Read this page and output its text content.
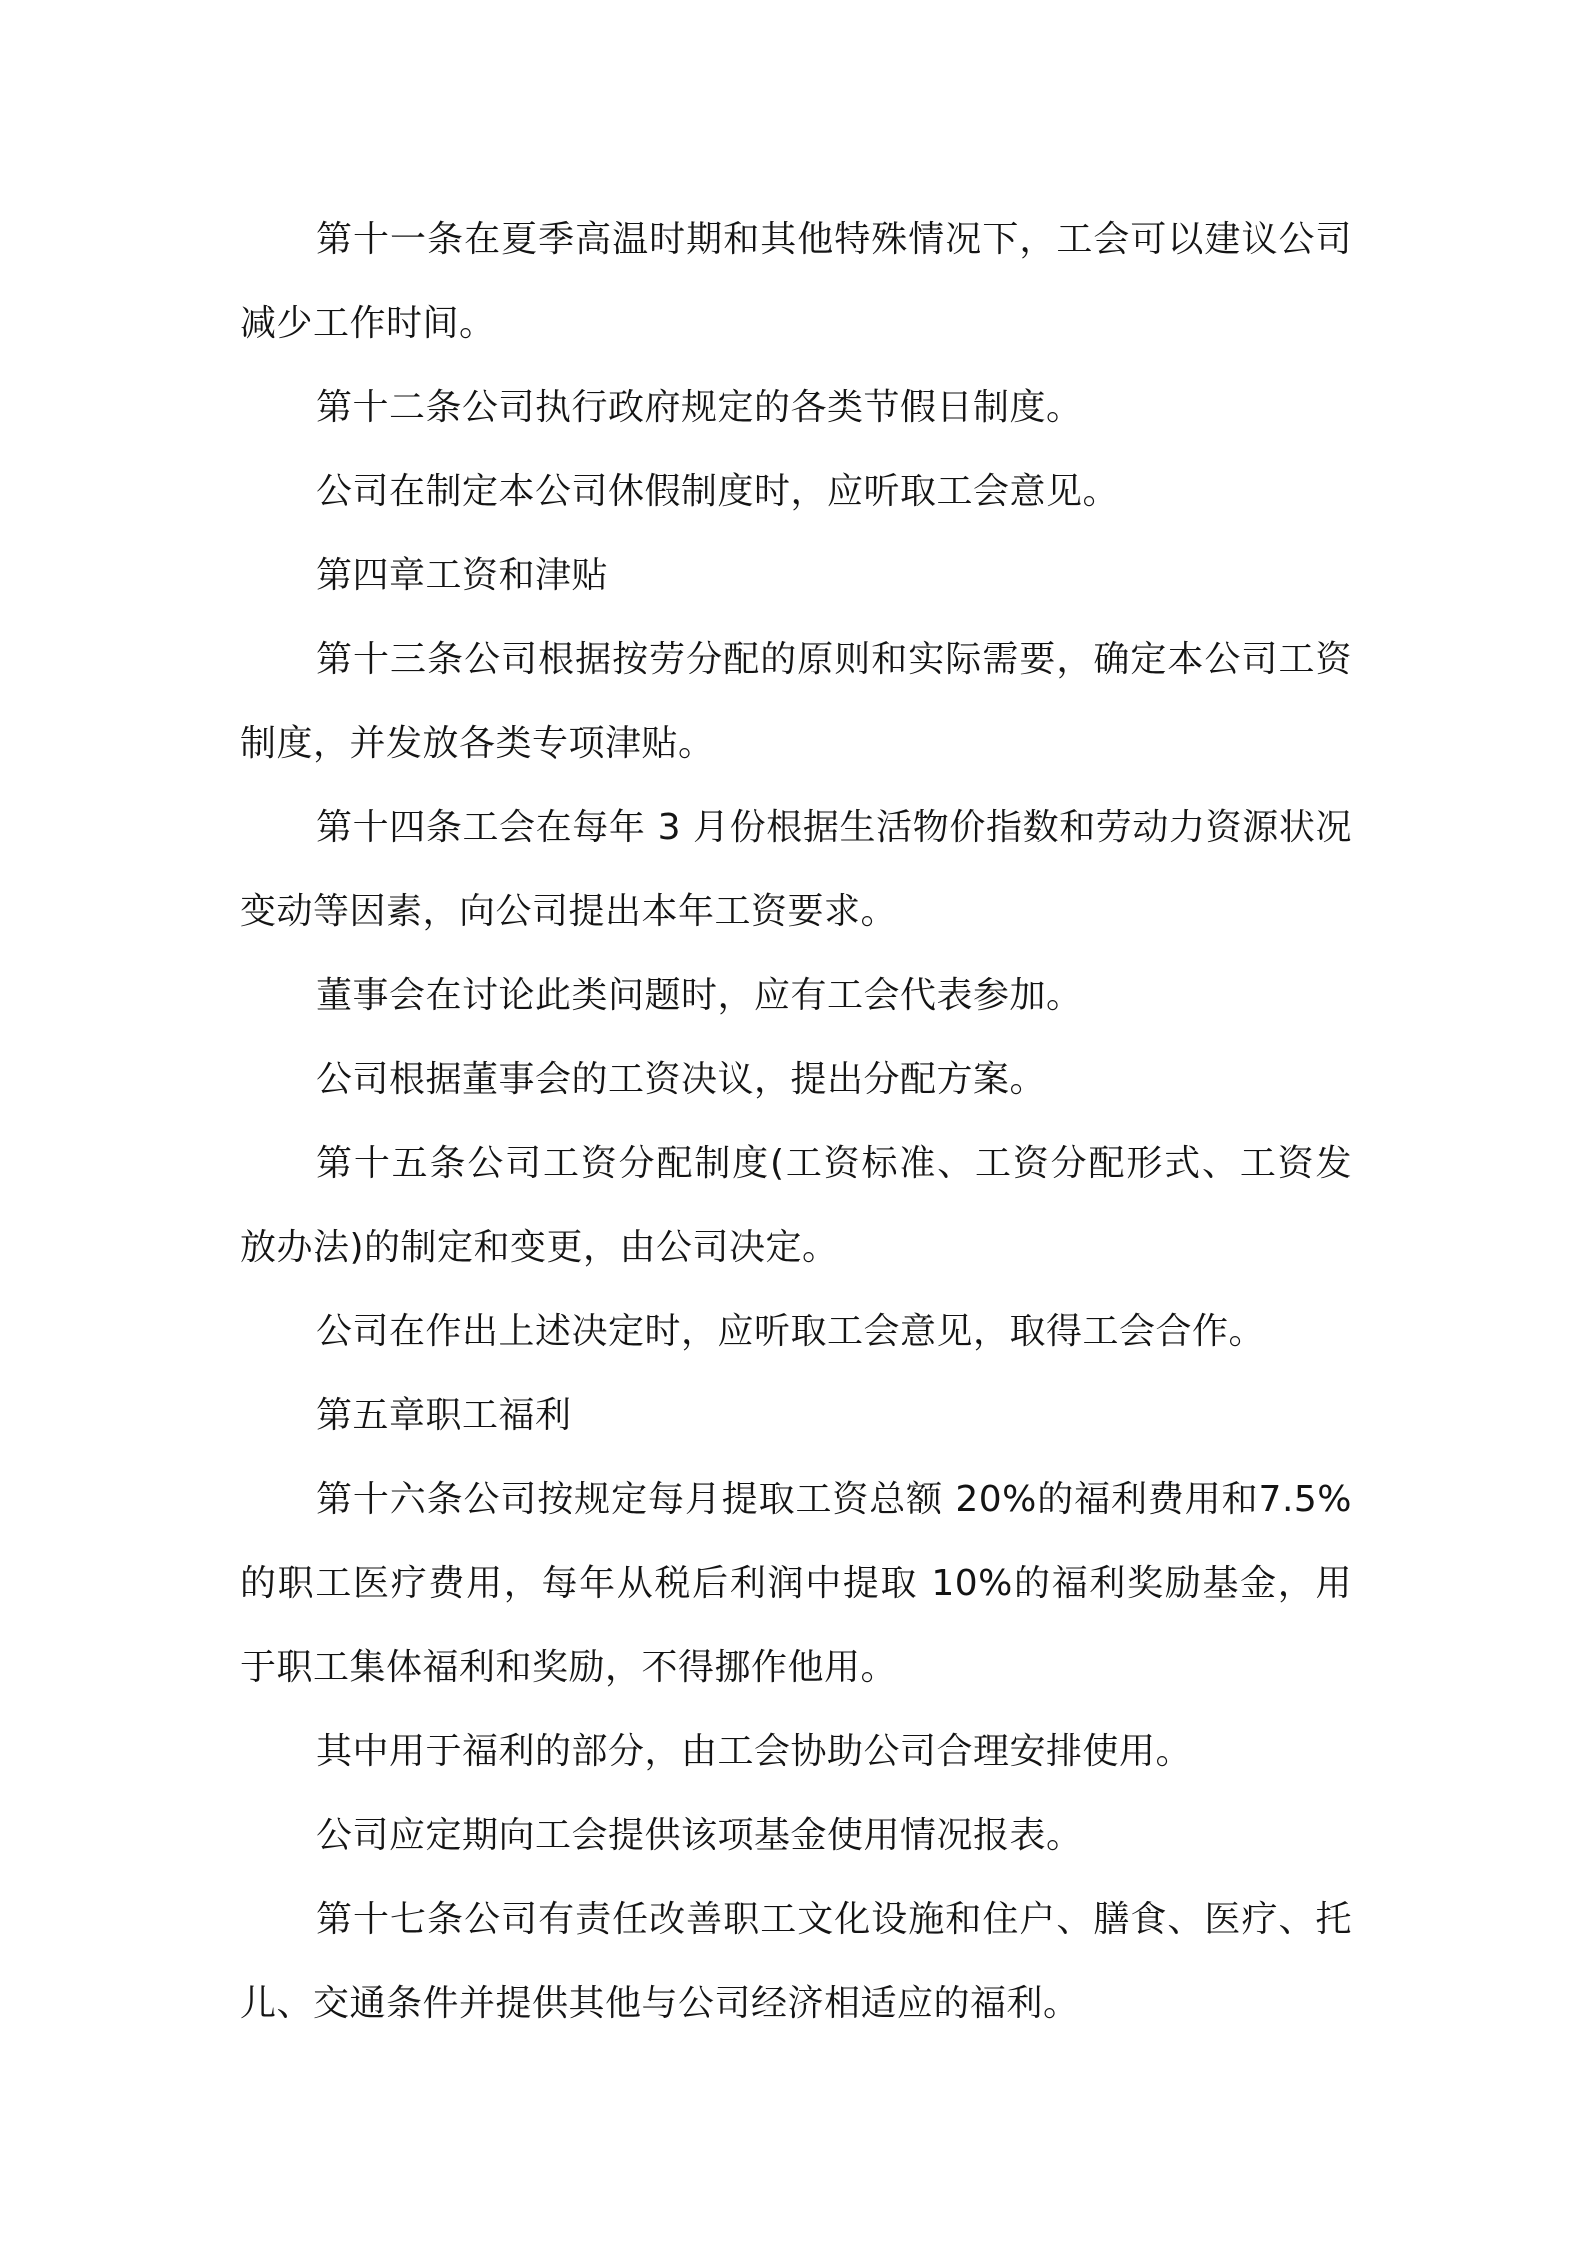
第十一条在夏季高温时期和其他特殊情况下，工会可以建议公司减少工作时间。

第十二条公司执行政府规定的各类节假日制度。

公司在制定本公司休假制度时，应听取工会意见。

第四章工资和津贴

第十三条公司根据按劳分配的原则和实际需要，确定本公司工资制度，并发放各类专项津贴。

第十四条工会在每年 3 月份根据生活物价指数和劳动力资源状况变动等因素，向公司提出本年工资要求。

董事会在讨论此类问题时，应有工会代表参加。

公司根据董事会的工资决议，提出分配方案。

第十五条公司工资分配制度(工资标准、工资分配形式、工资发放办法)的制定和变更，由公司决定。

公司在作出上述决定时，应听取工会意见，取得工会合作。

第五章职工福利

第十六条公司按规定每月提取工资总额 20%的福利费用和7.5%的职工医疗费用，每年从税后利润中提取 10%的福利奖励基金，用于职工集体福利和奖励，不得挪作他用。

其中用于福利的部分，由工会协助公司合理安排使用。

公司应定期向工会提供该项基金使用情况报表。

第十七条公司有责任改善职工文化设施和住户、膳食、医疗、托儿、交通条件并提供其他与公司经济相适应的福利。
